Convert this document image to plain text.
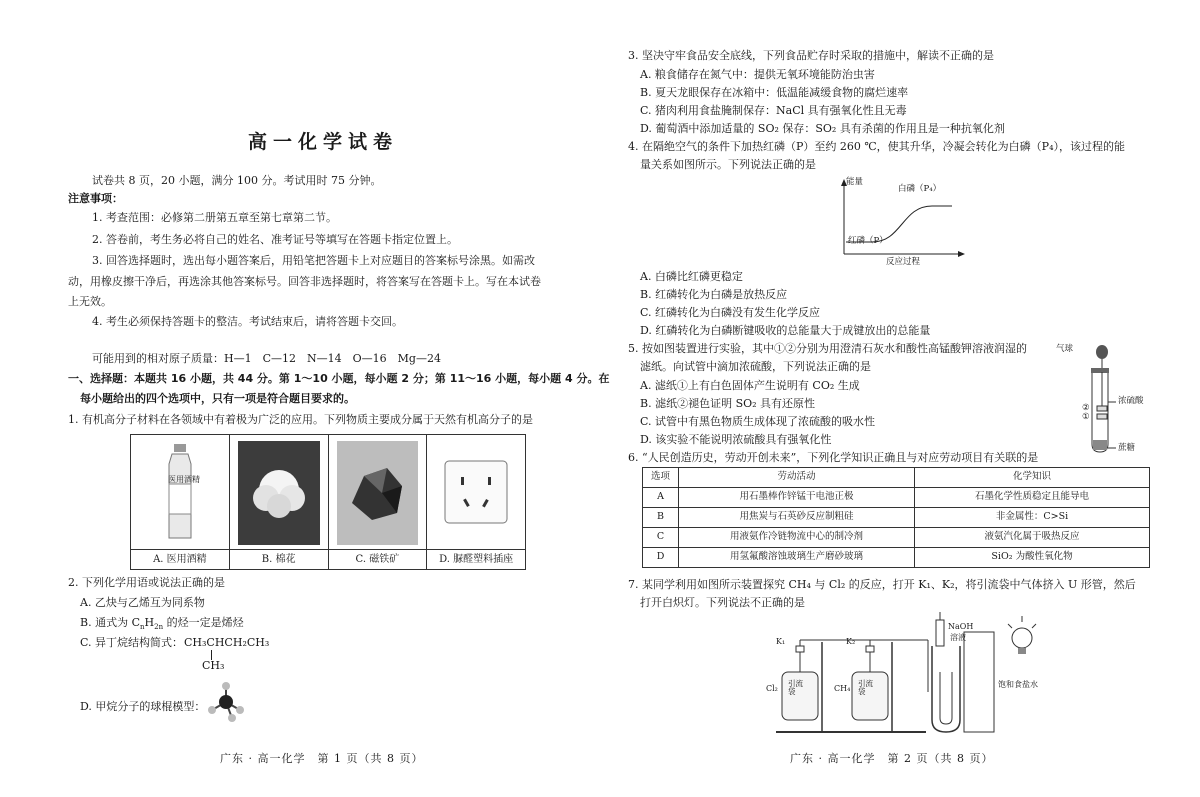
高一化学试卷
试卷共 8 页，20 小题，满分 100 分。考试用时 75 分钟。
注意事项：
1. 考查范围：必修第二册第五章至第七章第二节。
2. 答卷前，考生务必将自己的姓名、准考证号等填写在答题卡指定位置上。
3. 回答选择题时，选出每小题答案后，用铅笔把答题卡上对应题目的答案标号涂黑。如需改
动，用橡皮擦干净后，再选涂其他答案标号。回答非选择题时，将答案写在答题卡上。写在本试卷
上无效。
4. 考生必须保持答题卡的整洁。考试结束后，请将答题卡交回。
可能用到的相对原子质量：H—1　C—12　N—14　O—16　Mg—24
一、选择题：本题共 16 小题，共 44 分。第 1～10 小题，每小题 2 分；第 11～16 小题，每小题 4 分。在
每小题给出的四个选项中，只有一项是符合题目要求的。
1. 有机高分子材料在各领域中有着极为广泛的应用。下列物质主要成分属于天然有机高分子的是
医用酒精
A. 医用酒精	B. 棉花	C. 磁铁矿	D. 脲醛塑料插座
2. 下列化学用语或说法正确的是
A. 乙炔与乙烯互为同系物
B. 通式为 $C_nH_{2n}$ 的烃一定是烯烃
C. 异丁烷结构简式： CH₃CHCH₂CH₃
CH₃
D. 甲烷分子的球棍模型：
广东 · 高一化学　第 1 页（共 8 页）
3. 坚决守牢食品安全底线，下列食品贮存时采取的措施中，解读不正确的是
A. 粮食储存在氮气中：提供无氧环境能防治虫害
B. 夏天龙眼保存在冰箱中：低温能减缓食物的腐烂速率
C. 猪肉利用食盐腌制保存：NaCl 具有强氧化性且无毒
D. 葡萄酒中添加适量的 SO₂ 保存：SO₂ 具有杀菌的作用且是一种抗氧化剂
4. 在隔绝空气的条件下加热红磷（P）至约 260 ℃，使其升华，冷凝会转化为白磷（P₄），该过程的能
量关系如图所示。下列说法正确的是
能量
白磷（P₄）
红磷（P）
反应过程
A. 白磷比红磷更稳定
B. 红磷转化为白磷是放热反应
C. 红磷转化为白磷没有发生化学反应
D. 红磷转化为白磷断键吸收的总能量大于成键放出的总能量
5. 按如图装置进行实验，其中①②分别为用澄清石灰水和酸性高锰酸钾溶液润湿的
滤纸。向试管中滴加浓硫酸，下列说法正确的是
A. 滤纸①上有白色固体产生说明有 CO₂ 生成
B. 滤纸②褪色证明 SO₂ 具有还原性
C. 试管中有黑色物质生成体现了浓硫酸的吸水性
D. 该实验不能说明浓硫酸具有强氧化性
气球
浓硫酸
②
①
蔗糖
6. “人民创造历史，劳动开创未来”，下列化学知识正确且与对应劳动项目有关联的是
选项	劳动活动	化学知识
A	用石墨棒作锌锰干电池正极	石墨化学性质稳定且能导电
B	用焦炭与石英砂反应制粗硅	非金属性：C>Si
C	用液氨作冷链物流中心的制冷剂	液氨汽化属于吸热反应
D	用氢氟酸溶蚀玻璃生产磨砂玻璃	SiO₂ 为酸性氧化物
7. 某同学利用如图所示装置探究 CH₄ 与 Cl₂ 的反应，打开 K₁、K₂，将引流袋中气体挤入 U 形管，然后
打开白炽灯。下列说法不正确的是
K₁	K₂
NaOH
溶液
Cl₂	CH₄
引流袋
引流袋
饱和食盐水
广东 · 高一化学　第 2 页（共 8 页）
